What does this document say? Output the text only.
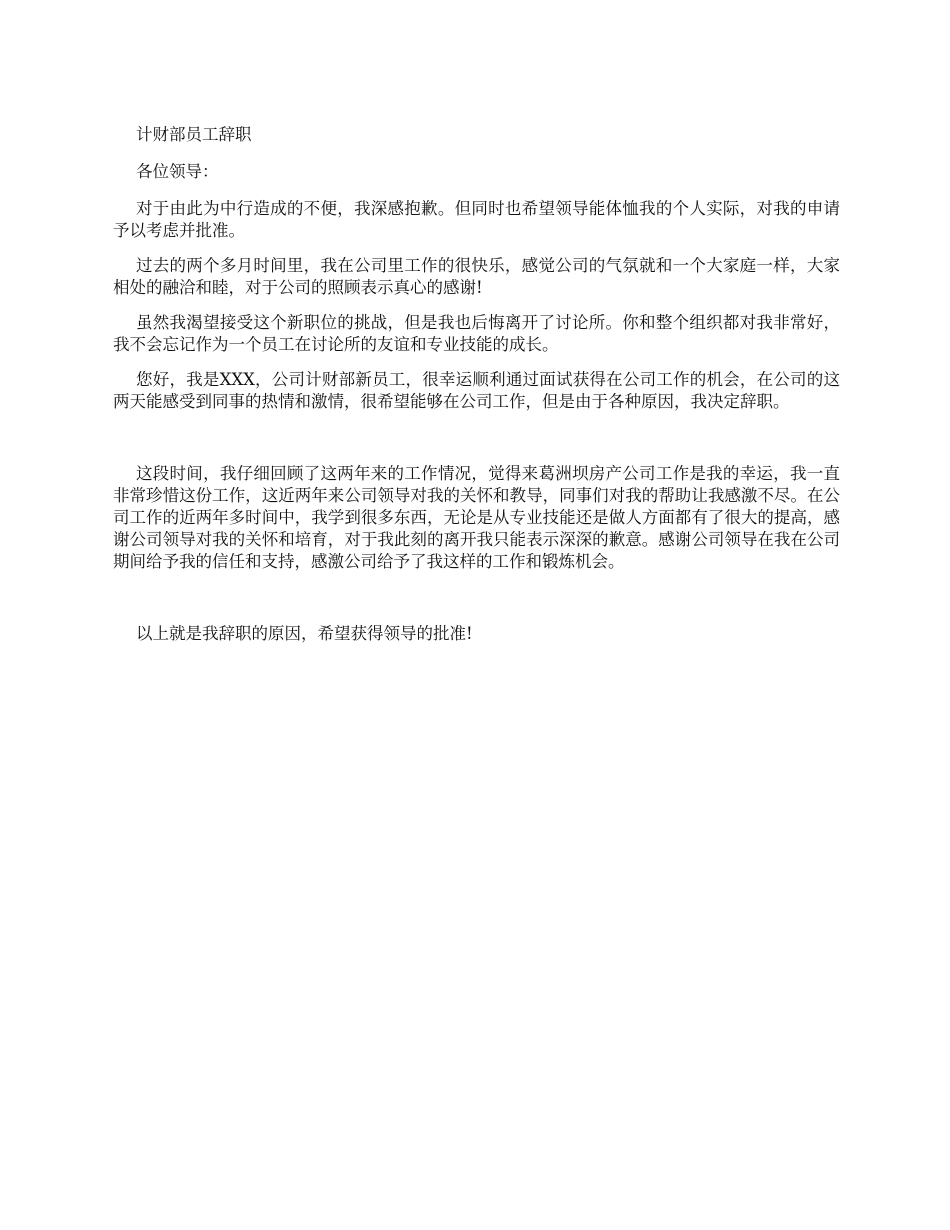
计财部员工辞职

各位领导：

对于由此为中行造成的不便，我深感抱歉。但同时也希望领导能体恤我的个人实际，对我的申请予以考虑并批准。

过去的两个多月时间里，我在公司里工作的很快乐，感觉公司的气氛就和一个大家庭一样，大家相处的融洽和睦，对于公司的照顾表示真心的感谢!

虽然我渴望接受这个新职位的挑战，但是我也后悔离开了讨论所。你和整个组织都对我非常好，我不会忘记作为一个员工在讨论所的友谊和专业技能的成长。

您好，我是XXX，公司计财部新员工，很幸运顺利通过面试获得在公司工作的机会，在公司的这两天能感受到同事的热情和激情，很希望能够在公司工作，但是由于各种原因，我决定辞职。

这段时间，我仔细回顾了这两年来的工作情况，觉得来葛洲坝房产公司工作是我的幸运，我一直非常珍惜这份工作，这近两年来公司领导对我的关怀和教导，同事们对我的帮助让我感激不尽。在公司工作的近两年多时间中，我学到很多东西，无论是从专业技能还是做人方面都有了很大的提高，感谢公司领导对我的关怀和培育，对于我此刻的离开我只能表示深深的歉意。感谢公司领导在我在公司期间给予我的信任和支持，感激公司给予了我这样的工作和锻炼机会。

以上就是我辞职的原因，希望获得领导的批准!
